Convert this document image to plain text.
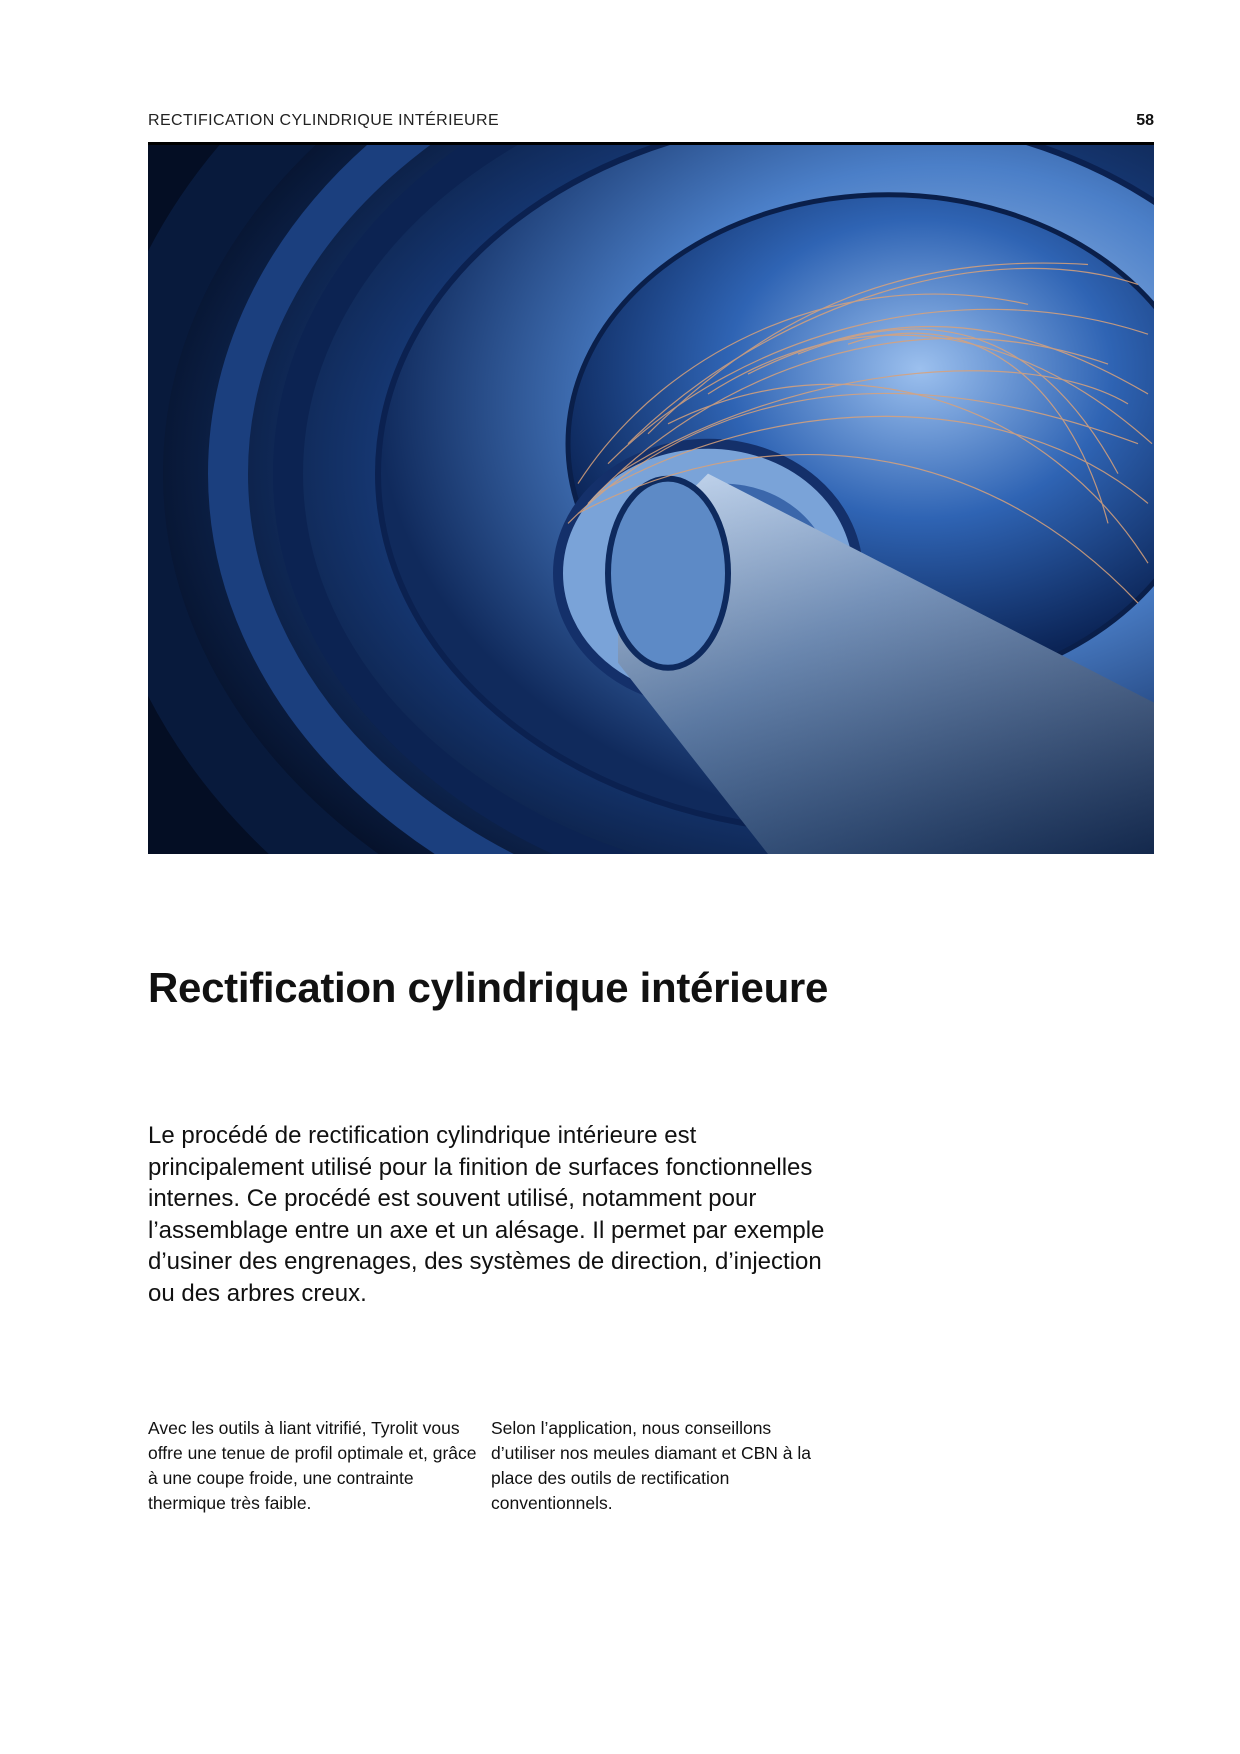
RECTIFICATION CYLINDRIQUE INTÉRIEURE	58
Rectification cylindrique intérieure

Le procédé de rectification cylindrique intérieure est principalement utilisé pour la finition de surfaces fonctionnelles internes. Ce procédé est souvent utilisé, notamment pour l’assemblage entre un axe et un alésage. Il permet par exemple d’usiner des engrenages, des systèmes de direction, d’injection ou des arbres creux.

Avec les outils à liant vitrifié, Tyrolit vous offre une tenue de profil optimale et, grâce à une coupe froide, une contrainte thermique très faible.

Selon l’application, nous conseillons d’utiliser nos meules diamant et CBN à la place des outils de rectification conventionnels.
